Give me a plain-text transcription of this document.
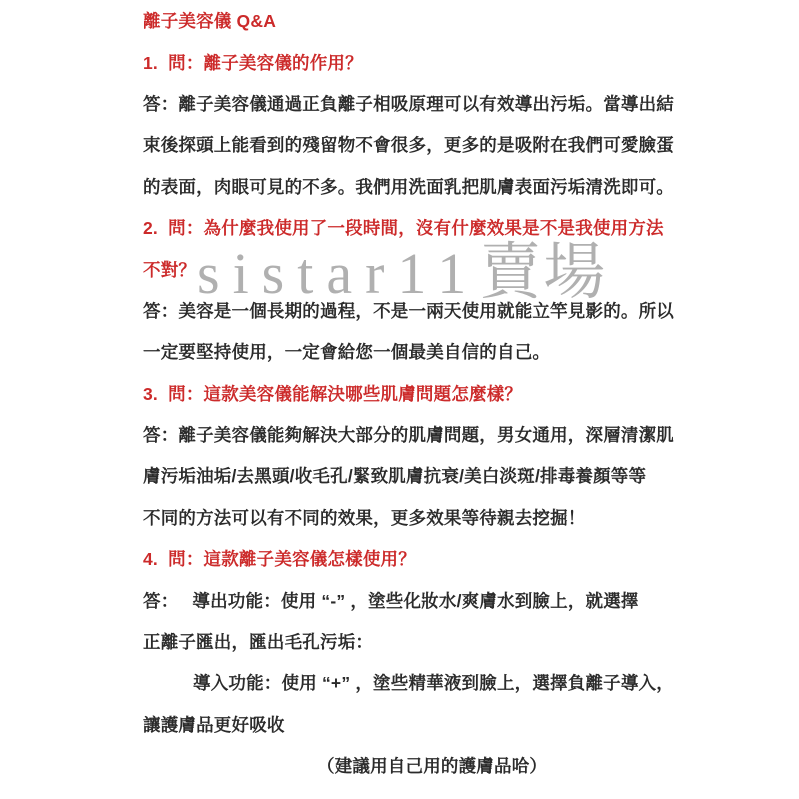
sistar11 賣場
離子美容儀 Q&A
1.  問：離子美容儀的作用？
答：離子美容儀通過正負離子相吸原理可以有效導出污垢。當導出結
束後探頭上能看到的殘留物不會很多，更多的是吸附在我們可愛臉蛋
的表面，肉眼可見的不多。我們用洗面乳把肌膚表面污垢清洗即可。
2.  問：為什麼我使用了一段時間，沒有什麼效果是不是我使用方法
不對？
答：美容是一個長期的過程，不是一兩天使用就能立竿見影的。所以
一定要堅持使用，一定會給您一個最美自信的自己。
3.  問：這款美容儀能解決哪些肌膚問題怎麼樣？
答：離子美容儀能夠解決大部分的肌膚問題，男女通用，深層清潔肌
膚污垢油垢/去黑頭/收毛孔/緊致肌膚抗衰/美白淡斑/排毒養顏等等
不同的方法可以有不同的效果，更多效果等待親去挖掘！
4.  問：這款離子美容儀怎樣使用？
答：　 導出功能：使用 “-” ，塗些化妝水/爽膚水到臉上，就選擇
正離子匯出，匯出毛孔污垢：
導入功能：使用 “+” ，塗些精華液到臉上，選擇負離子導入，
讓護膚品更好吸收
（建議用自己用的護膚品哈）
